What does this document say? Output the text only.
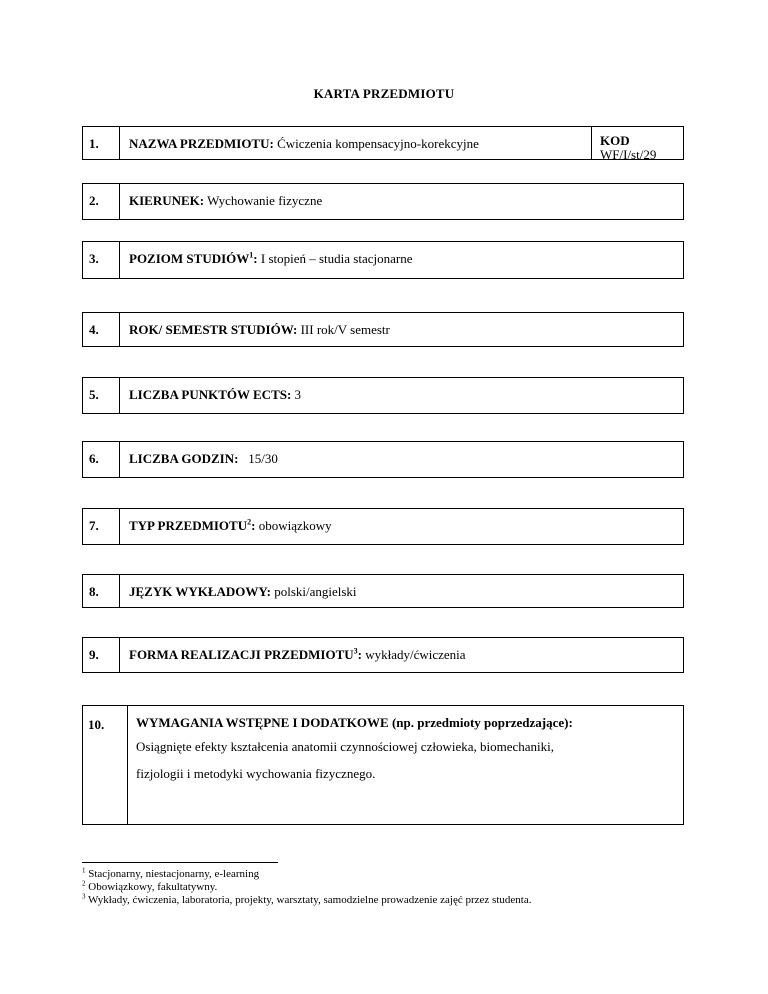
KARTA PRZEDMIOTU
1.	NAZWA PRZEDMIOTU: Ćwiczenia kompensacyjno-korekcyjne	KOD
WF/I/st/29
2.	KIERUNEK: Wychowanie fizyczne
3.	POZIOM STUDIÓW$^1$: I stopień – studia stacjonarne
4.	ROK/ SEMESTR STUDIÓW: III rok/V semestr
5.	LICZBA PUNKTÓW ECTS: 3
6.	LICZBA GODZIN:   15/30
7.	TYP PRZEDMIOTU$^2$: obowiązkowy
8.	JĘZYK WYKŁADOWY: polski/angielski
9.	FORMA REALIZACJI PRZEDMIOTU$^3$: wykłady/ćwiczenia
10.	WYMAGANIA WSTĘPNE I DODATKOWE (np. przedmioty poprzedzające):
Osiągnięte efekty kształcenia anatomii czynnościowej człowieka, biomechaniki,
fizjologii i metodyki wychowania fizycznego.
$^1$ Stacjonarny, niestacjonarny, e-learning
$^2$ Obowiązkowy, fakultatywny.
$^3$ Wykłady, ćwiczenia, laboratoria, projekty, warsztaty, samodzielne prowadzenie zajęć przez studenta.
